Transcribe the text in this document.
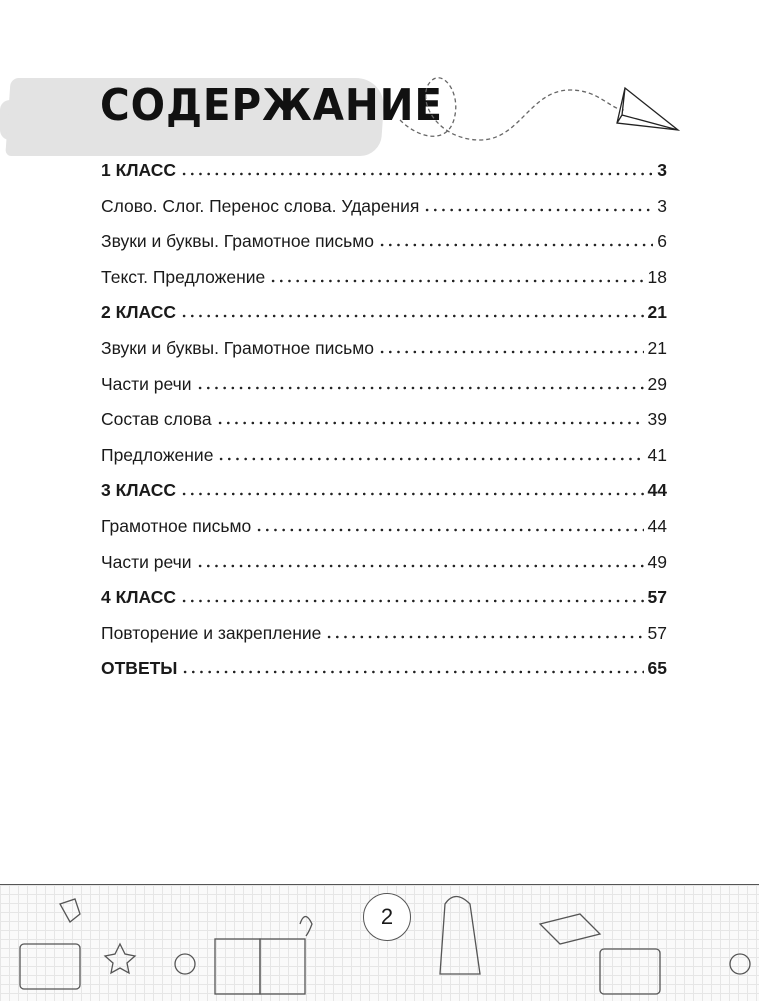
СОДЕРЖАНИЕ
1 КЛАСС	3
Слово. Слог. Перенос слова. Ударения	3
Звуки и буквы. Грамотное письмо	6
Текст. Предложение	18
2 КЛАСС	21
Звуки и буквы. Грамотное письмо	21
Части речи	29
Состав слова	39
Предложение	41
3 КЛАСС	44
Грамотное письмо	44
Части речи	49
4 КЛАСС	57
Повторение и закрепление	57
ОТВЕТЫ	65
2
